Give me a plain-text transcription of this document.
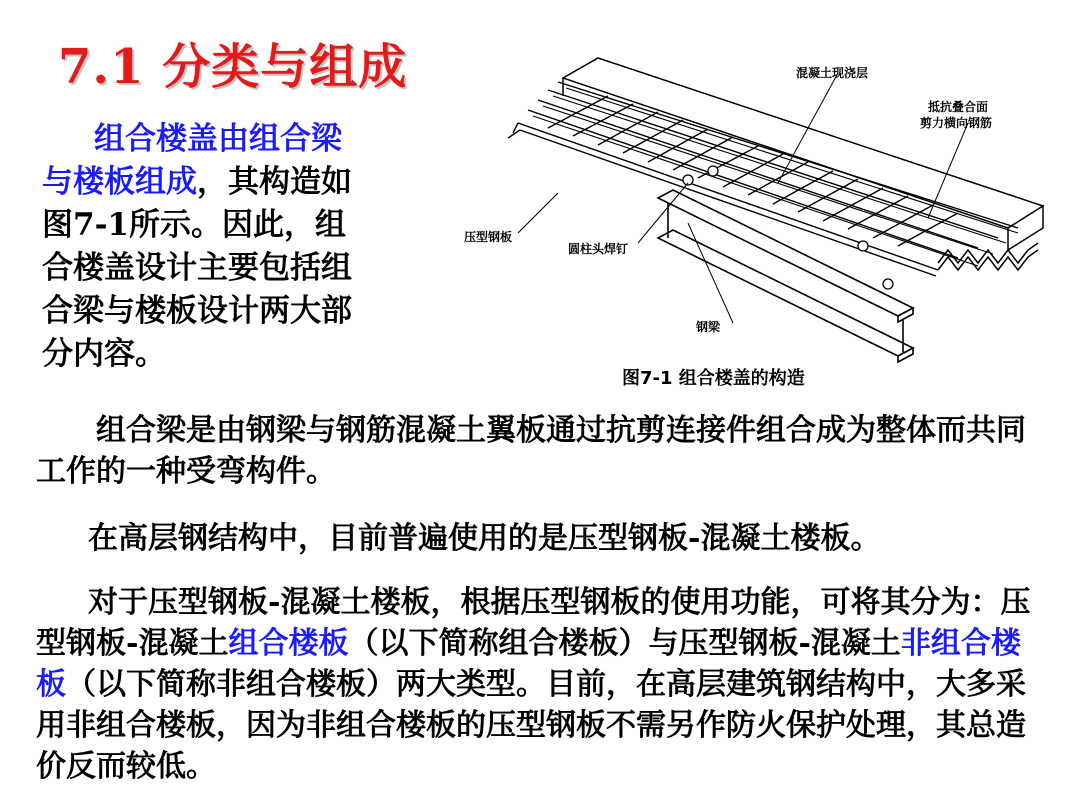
7.1 分类与组成
组合楼盖由组合梁与楼板组成，其构造如图7-1所示。因此，组合楼盖设计主要包括组合梁与楼板设计两大部分内容。
混凝土现浇层
抵抗叠合面
剪力横向钢筋
压型钢板
圆柱头焊钉
钢梁
图7-1 组合楼盖的构造
组合梁是由钢梁与钢筋混凝土翼板通过抗剪连接件组合成为整体而共同工作的一种受弯构件。
在高层钢结构中，目前普遍使用的是压型钢板-混凝土楼板。
对于压型钢板-混凝土楼板，根据压型钢板的使用功能，可将其分为：压型钢板-混凝土组合楼板（以下简称组合楼板）与压型钢板-混凝土非组合楼板（以下简称非组合楼板）两大类型。目前，在高层建筑钢结构中，大多采用非组合楼板，因为非组合楼板的压型钢板不需另作防火保护处理，其总造价反而较低。
